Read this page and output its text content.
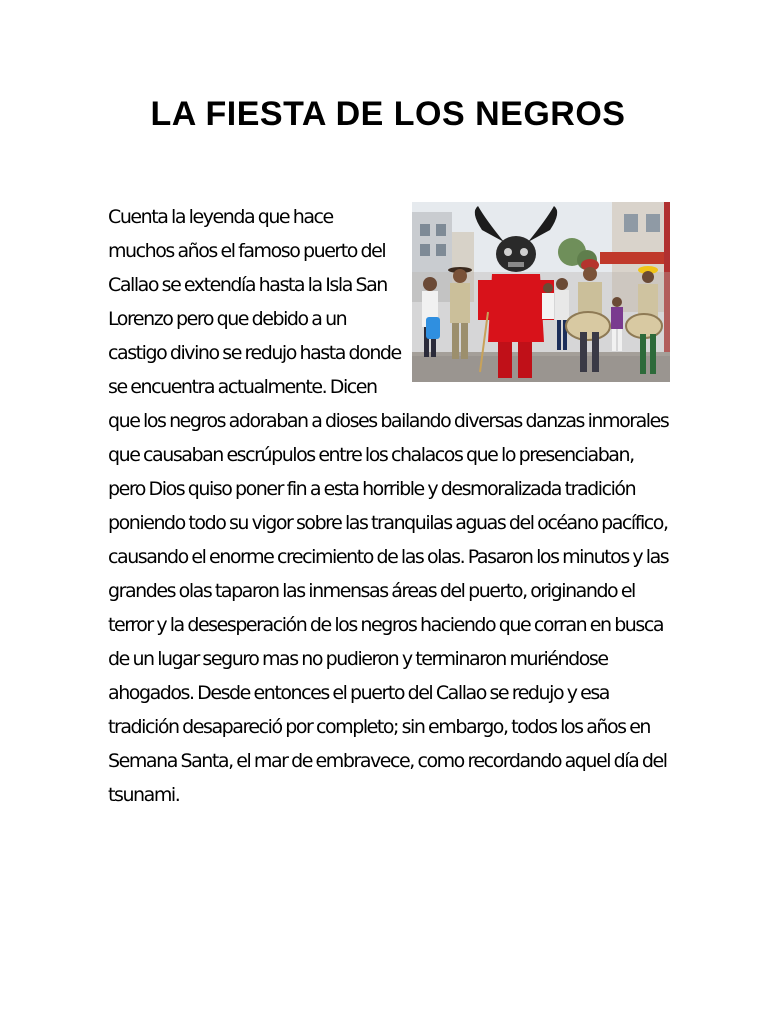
LA FIESTA DE LOS NEGROS

Cuenta la leyenda que hace muchos años el famoso puerto del Callao se extendía hasta la Isla San Lorenzo pero que debido a un castigo divino se redujo hasta donde se encuentra actualmente. Dicen que los negros adoraban a dioses bailando diversas danzas inmorales que causaban escrúpulos entre los chalacos que lo presenciaban, pero Dios quiso poner fin a esta horrible y desmoralizada tradición poniendo todo su vigor sobre las tranquilas aguas del océano pacífico, causando el enorme crecimiento de las olas. Pasaron los minutos y las grandes olas taparon las inmensas áreas del puerto, originando el terror y la desesperación de los negros haciendo que corran en busca de un lugar seguro mas no pudieron y terminaron muriéndose ahogados. Desde entonces el puerto del Callao se redujo y esa tradición desapareció por completo; sin embargo, todos los años en Semana Santa, el mar de embravece, como recordando aquel día del tsunami.
